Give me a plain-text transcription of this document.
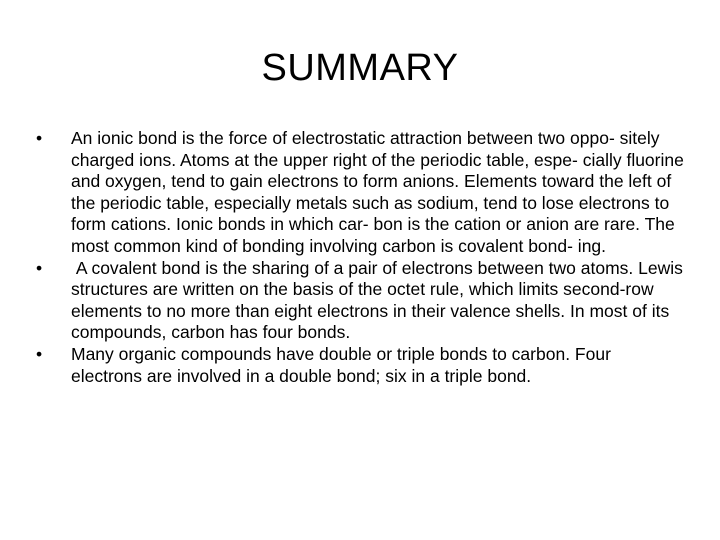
SUMMARY
•	An ionic bond is the force of electrostatic attraction between two oppo- sitely charged ions. Atoms at the upper right of the periodic table, espe- cially fluorine and oxygen, tend to gain electrons to form anions. Elements toward the left of the periodic table, especially metals such as sodium, tend to lose electrons to form cations. Ionic bonds in which car- bon is the cation or anion are rare. The most common kind of bonding involving carbon is covalent bond- ing.
•	A covalent bond is the sharing of a pair of electrons between two atoms. Lewis structures are written on the basis of the octet rule, which limits second-row elements to no more than eight electrons in their valence shells. In most of its compounds, carbon has four bonds.
•	Many organic compounds have double or triple bonds to carbon. Four electrons are involved in a double bond; six in a triple bond.
